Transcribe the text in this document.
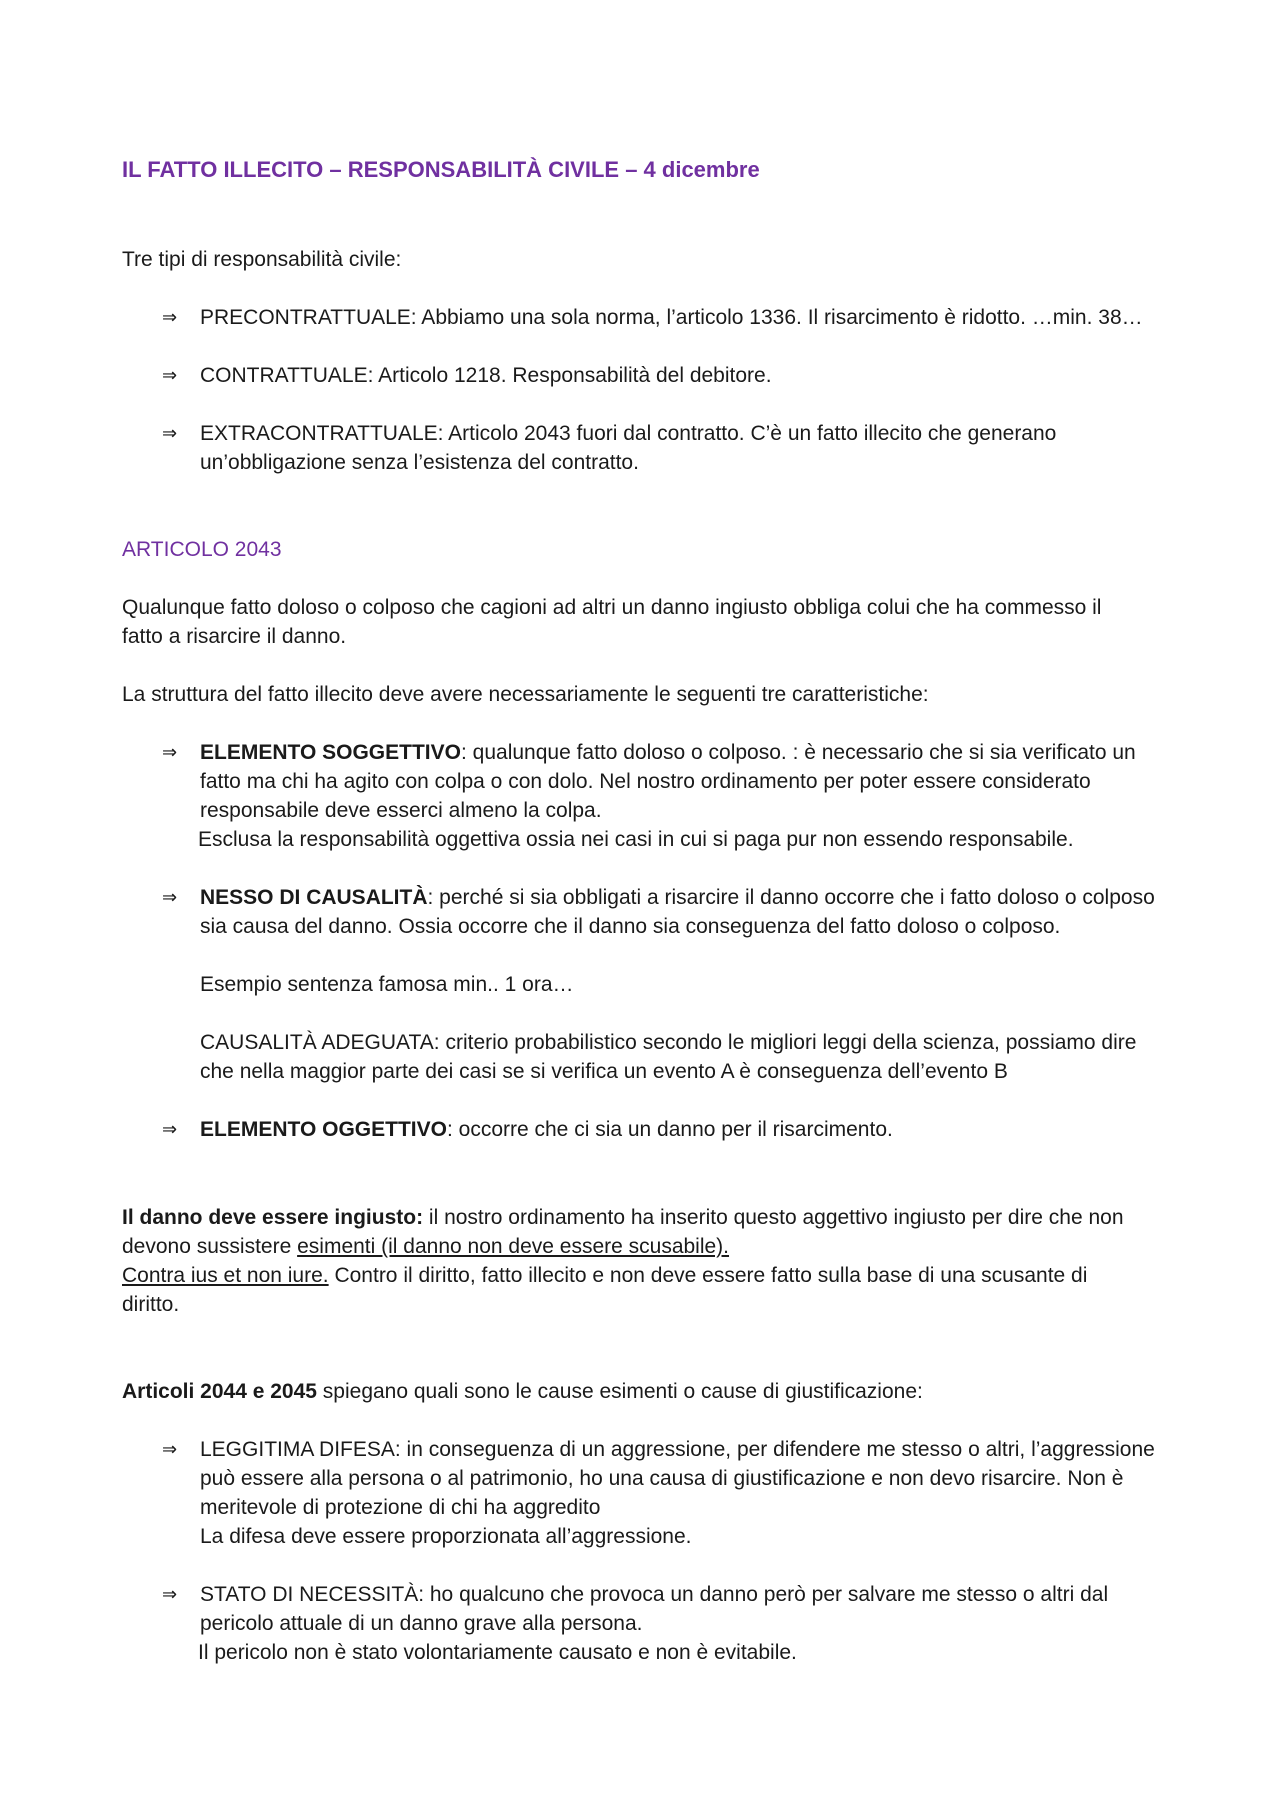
IL FATTO ILLECITO – RESPONSABILITÀ CIVILE – 4 dicembre
Tre tipi di responsabilità civile:
⇒	PRECONTRATTUALE: Abbiamo una sola norma, l’articolo 1336. Il risarcimento è ridotto. …min. 38…
⇒	CONTRATTUALE: Articolo 1218. Responsabilità del debitore.
⇒	EXTRACONTRATTUALE: Articolo 2043 fuori dal contratto. C’è un fatto illecito che generano

un’obbligazione senza l’esistenza del contratto.

ARTICOLO 2043

Qualunque fatto doloso o colposo che cagioni ad altri un danno ingiusto obbliga colui che ha commesso il

fatto a risarcire il danno.

La struttura del fatto illecito deve avere necessariamente le seguenti tre caratteristiche:
⇒	ELEMENTO SOGGETTIVO: qualunque fatto doloso o colposo. : è necessario che si sia verificato un

fatto ma chi ha agito con colpa o con dolo. Nel nostro ordinamento per poter essere considerato

responsabile deve esserci almeno la colpa.

Esclusa la responsabilità oggettiva ossia nei casi in cui si paga pur non essendo responsabile.

⇒	NESSO DI CAUSALITÀ: perché si sia obbligati a risarcire il danno occorre che i fatto doloso o colposo

sia causa del danno. Ossia occorre che il danno sia conseguenza del fatto doloso o colposo.

Esempio sentenza famosa min.. 1 ora…

CAUSALITÀ ADEGUATA: criterio probabilistico secondo le migliori leggi della scienza, possiamo dire

che nella maggior parte dei casi se si verifica un evento A è conseguenza dell’evento B

⇒	ELEMENTO OGGETTIVO: occorre che ci sia un danno per il risarcimento.

Il danno deve essere ingiusto: il nostro ordinamento ha inserito questo aggettivo ingiusto per dire che non

devono sussistere esimenti (il danno non deve essere scusabile).

Contra ius et non iure. Contro il diritto, fatto illecito e non deve essere fatto sulla base di una scusante di

diritto.

Articoli 2044 e 2045 spiegano quali sono le cause esimenti o cause di giustificazione:

⇒	LEGGITIMA DIFESA: in conseguenza di un aggressione, per difendere me stesso o altri, l’aggressione

può essere alla persona o al patrimonio, ho una causa di giustificazione e non devo risarcire. Non è

meritevole di protezione di chi ha aggredito

La difesa deve essere proporzionata all’aggressione.

⇒	STATO DI NECESSITÀ: ho qualcuno che provoca un danno però per salvare me stesso o altri dal

pericolo attuale di un danno grave alla persona.

Il pericolo non è stato volontariamente causato e non è evitabile.
